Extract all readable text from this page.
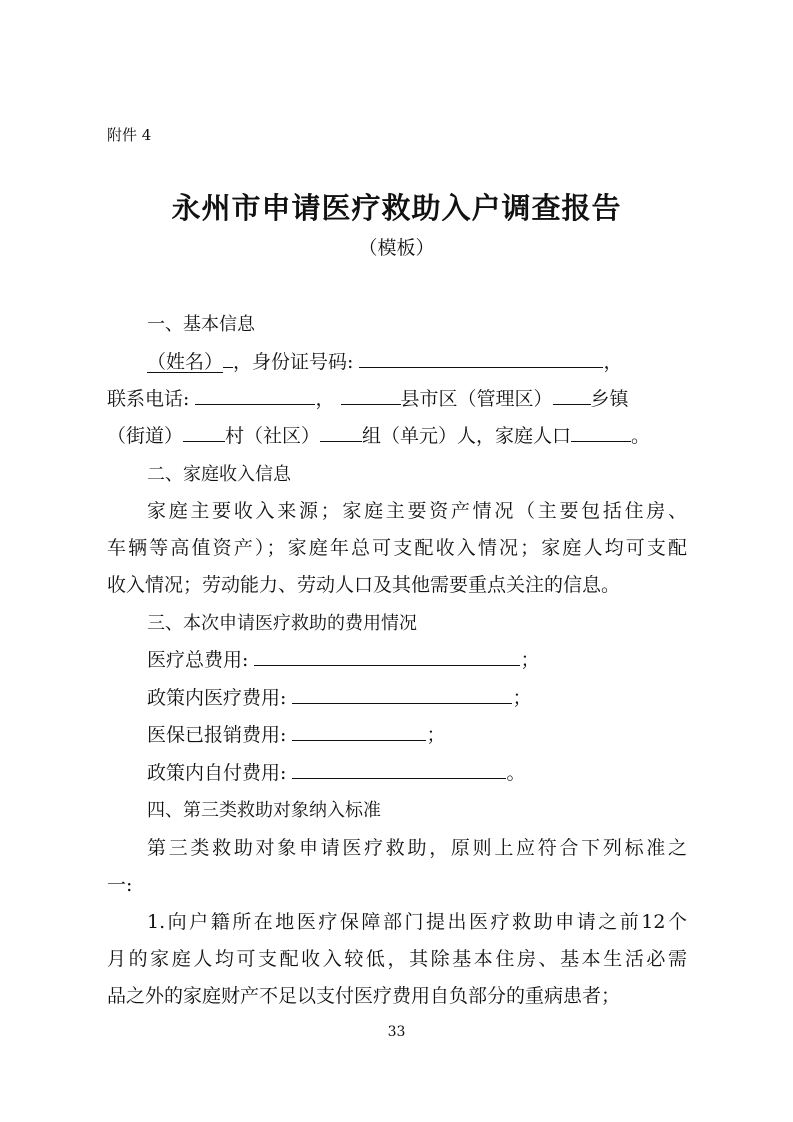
附件 4
永州市申请医疗救助入户调查报告
（模板）
一、基本信息
（姓名） ，身份证号码:	，
联系电话:	，	县市区（管理区） 乡镇
（街道） 村（社区） 组（单元）人，家庭人口	。
二、家庭收入信息
家庭主要收入来源；家庭主要资产情况（主要包括住房、
车辆等高值资产）；家庭年总可支配收入情况；家庭人均可支配
收入情况；劳动能力、劳动人口及其他需要重点关注的信息。
三、本次申请医疗救助的费用情况
医疗总费用:	；
政策内医疗费用:	；
医保已报销费用:	；
政策内自付费用:	。
四、第三类救助对象纳入标准
第三类救助对象申请医疗救助，原则上应符合下列标准之
一:
1.向户籍所在地医疗保障部门提出医疗救助申请之前12个
月的家庭人均可支配收入较低，其除基本住房、基本生活必需
品之外的家庭财产不足以支付医疗费用自负部分的重病患者；
33
